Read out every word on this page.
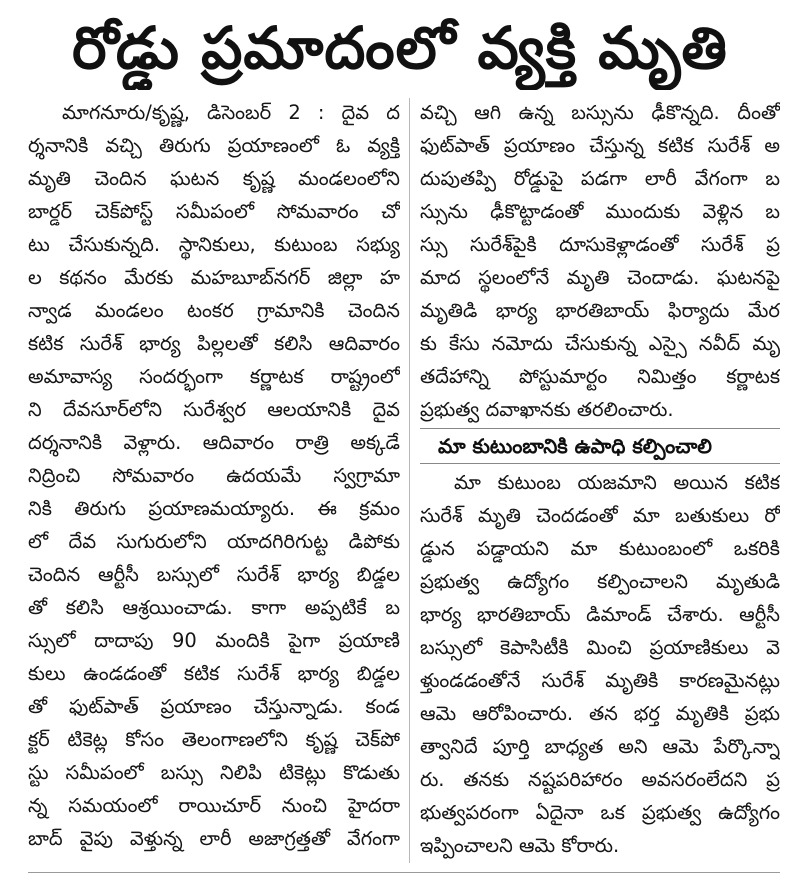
రోడ్డు ప్రమాదంలో వ్యక్తి మృతి
మాగనూరు/కృష్ణ, డిసెంబర్ 2 : దైవ ద
ర్శనానికి వచ్చి తిరుగు ప్రయాణంలో ఓ వ్యక్తి
మృతి చెందిన ఘటన కృష్ణ మండలంలోని
బార్డర్ చెక్‌పోస్ట్ సమీపంలో సోమవారం చో
టు చేసుకున్నది. స్థానికులు, కుటుంబ సభ్యు
ల కథనం మేరకు మహబూబ్‌నగర్ జిల్లా హ
న్వాడ మండలం టంకర గ్రామానికి చెందిన
కటిక సురేశ్ భార్య పిల్లలతో కలిసి ఆదివారం
అమావాస్య సందర్భంగా కర్ణాటక రాష్ట్రంలో
ని దేవసూర్‌లోని సురేశ్వర ఆలయానికి దైవ
దర్శనానికి వెళ్లారు. ఆదివారం రాత్రి అక్కడే
నిద్రించి సోమవారం ఉదయమే స్వగ్రామా
నికి తిరుగు ప్రయాణమయ్యారు. ఈ క్రమం
లో దేవ సుగురులోని యాదగిరిగుట్ట డిపోకు
చెందిన ఆర్టీసీ బస్సులో సురేశ్ భార్య బిడ్డల
తో కలిసి ఆశ్రయించాడు. కాగా అప్పటికే బ
స్సులో దాదాపు 90 మందికి పైగా ప్రయాణి
కులు ఉండడంతో కటిక సురేశ్ భార్య బిడ్డల
తో ఫుట్‌పాత్ ప్రయాణం చేస్తున్నాడు. కండ
క్టర్ టికెట్ల కోసం తెలంగాణలోని కృష్ణ చెక్‌పో
స్టు సమీపంలో బస్సు నిలిపి టికెట్లు కొడుతు
న్న సమయంలో రాయిచూర్ నుంచి హైదరా
బాద్ వైపు వెళ్తున్న లారీ అజాగ్రత్తతో వేగంగా
వచ్చి ఆగి ఉన్న బస్సును ఢీకొన్నది. దీంతో
ఫుట్‌పాత్ ప్రయాణం చేస్తున్న కటిక సురేశ్ అ
దుపుతప్పి రోడ్డుపై పడగా లారీ వేగంగా బ
స్సును ఢీకొట్టాడంతో ముందుకు వెళ్లిన బ
స్సు సురేశ్‌పైకి దూసుకెళ్లాడంతో సురేశ్ ప్ర
మాద స్థలంలోనే మృతి చెందాడు. ఘటనపై
మృతిడి భార్య భారతిబాయ్ ఫిర్యాదు మేర
కు కేసు నమోదు చేసుకున్న ఎస్సై నవీద్ మృ
తదేహాన్ని పోస్టుమార్టం నిమిత్తం కర్ణాటక
ప్రభుత్వ దవాఖానకు తరలించారు.
మా కుటుంబానికి ఉపాధి కల్పించాలి
మా కుటుంబ యజమాని అయిన కటిక
సురేశ్ మృతి చెందడంతో మా బతుకులు రో
డ్డున పడ్డాయని మా కుటుంబంలో ఒకరికి
ప్రభుత్వ ఉద్యోగం కల్పించాలని మృతుడి
భార్య భారతిబాయ్ డిమాండ్ చేశారు. ఆర్టీసీ
బస్సులో కెపాసిటీకి మించి ప్రయాణికులు వె
ళ్తుండడంతోనే సురేశ్ మృతికి కారణమైనట్లు
ఆమె ఆరోపించారు. తన భర్త మృతికి ప్రభు
త్వానిదే పూర్తి బాధ్యత అని ఆమె పేర్కొన్నా
రు. తనకు నష్టపరిహారం అవసరంలేదని ప్ర
భుత్వపరంగా ఏదైనా ఒక ప్రభుత్వ ఉద్యోగం
ఇప్పించాలని ఆమె కోరారు.
